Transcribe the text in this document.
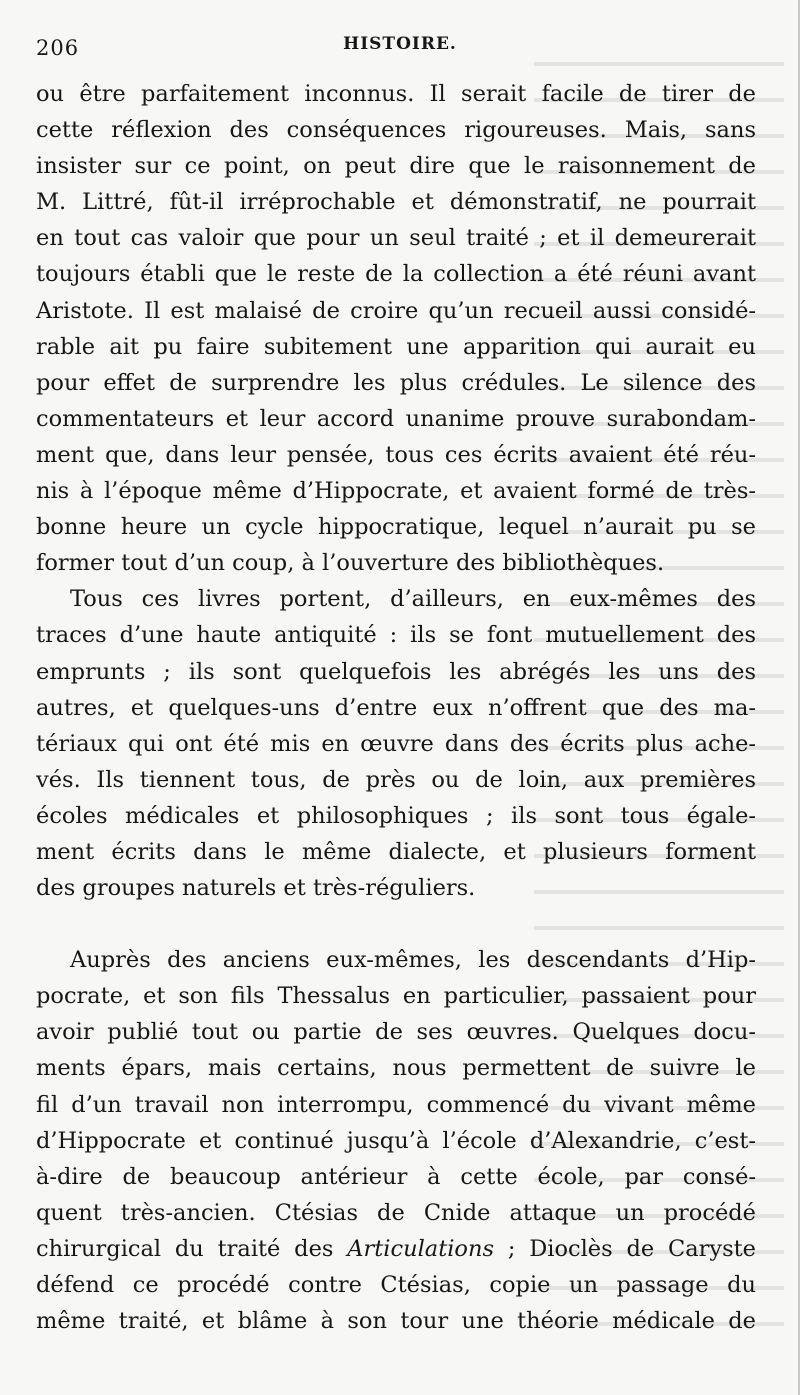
206	HISTOIRE.
ou être parfaitement inconnus. Il serait facile de tirer de
cette réflexion des conséquences rigoureuses. Mais, sans
insister sur ce point, on peut dire que le raisonnement de
M. Littré, fût-il irréprochable et démonstratif, ne pourrait
en tout cas valoir que pour un seul traité ; et il demeurerait
toujours établi que le reste de la collection a été réuni avant
Aristote. Il est malaisé de croire qu’un recueil aussi considé-
rable ait pu faire subitement une apparition qui aurait eu
pour effet de surprendre les plus crédules. Le silence des
commentateurs et leur accord unanime prouve surabondam-
ment que, dans leur pensée, tous ces écrits avaient été réu-
nis à l’époque même d’Hippocrate, et avaient formé de très-
bonne heure un cycle hippocratique, lequel n’aurait pu se
former tout d’un coup, à l’ouverture des bibliothèques.
Tous ces livres portent, d’ailleurs, en eux-mêmes des
traces d’une haute antiquité : ils se font mutuellement des
emprunts ; ils sont quelquefois les abrégés les uns des
autres, et quelques-uns d’entre eux n’offrent que des ma-
tériaux qui ont été mis en œuvre dans des écrits plus ache-
vés. Ils tiennent tous, de près ou de loin, aux premières
écoles médicales et philosophiques ; ils sont tous égale-
ment écrits dans le même dialecte, et plusieurs forment
des groupes naturels et très-réguliers.
Auprès des anciens eux-mêmes, les descendants d’Hip-
pocrate, et son fils Thessalus en particulier, passaient pour
avoir publié tout ou partie de ses œuvres. Quelques docu-
ments épars, mais certains, nous permettent de suivre le
fil d’un travail non interrompu, commencé du vivant même
d’Hippocrate et continué jusqu’à l’école d’Alexandrie, c’est-
à-dire de beaucoup antérieur à cette école, par consé-
quent très-ancien. Ctésias de Cnide attaque un procédé
chirurgical du traité des Articulations ; Dioclès de Caryste
défend ce procédé contre Ctésias, copie un passage du
même traité, et blâme à son tour une théorie médicale de
